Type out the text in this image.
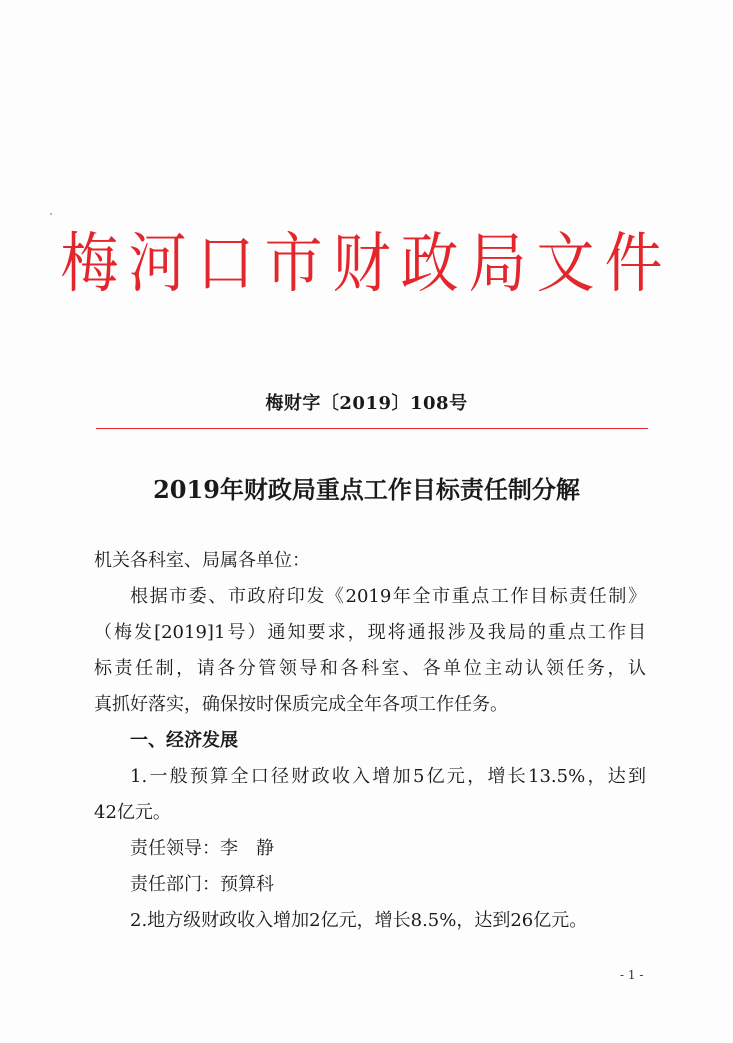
梅河口市财政局文件
梅财字〔2019〕108号
2019年财政局重点工作目标责任制分解
机关各科室、局属各单位：
根据市委、市政府印发《2019年全市重点工作目标责任制》
（梅发[2019]1号）通知要求，现将通报涉及我局的重点工作目
标责任制，请各分管领导和各科室、各单位主动认领任务，认
真抓好落实，确保按时保质完成全年各项工作任务。
一、经济发展
1.一般预算全口径财政收入增加5亿元，增长13.5%，达到
42亿元。
责任领导：李　静
责任部门：预算科
2.地方级财政收入增加2亿元，增长8.5%，达到26亿元。
- 1 -
